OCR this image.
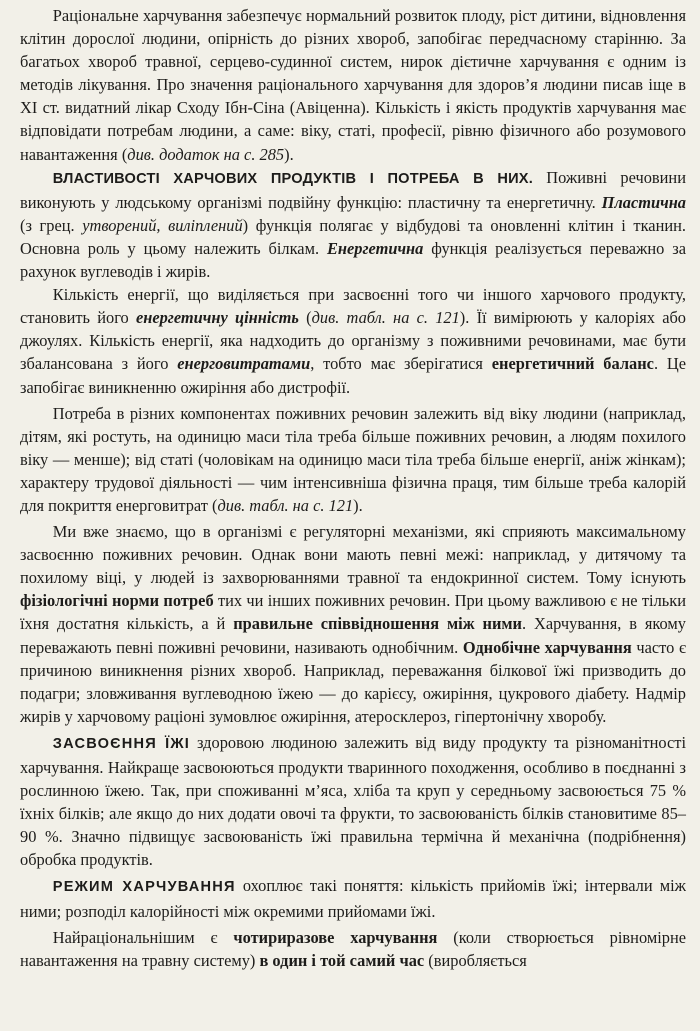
Раціональне харчування забезпечує нормальний розвиток плоду, ріст дитини, відновлення клітин дорослої людини, опірність до різних хвороб, запобігає передчасному старінню. За багатьох хвороб травної, серцево-судинної систем, нирок дієтичне харчування є одним із методів лікування. Про значення раціонального харчування для здоров’я людини писав іще в XI ст. видатний лікар Сходу Ібн-Сіна (Авіценна). Кількість і якість продуктів харчування має відповідати потребам людини, а саме: віку, статі, професії, рівню фізичного або розумового навантаження (див. додаток на с. 285).

ВЛАСТИВОСТІ ХАРЧОВИХ ПРОДУКТІВ І ПОТРЕБА В НИХ. Поживні речовини виконують у людському організмі подвійну функцію: пластичну та енергетичну. Пластична (з грец. утворений, виліплений) функція полягає у відбудові та оновленні клітин і тканин. Основна роль у цьому належить білкам. Енергетична функція реалізується переважно за рахунок вуглеводів і жирів.

Кількість енергії, що виділяється при засвоєнні того чи іншого харчового продукту, становить його енергетичну цінність (див. табл. на с. 121). Її вимірюють у калоріях або джоулях. Кількість енергії, яка надходить до організму з поживними речовинами, має бути збалансована з його енерговитратами, тобто має зберігатися енергетичний баланс. Це запобігає виникненню ожиріння або дистрофії.

Потреба в різних компонентах поживних речовин залежить від віку людини (наприклад, дітям, які ростуть, на одиницю маси тіла треба більше поживних речовин, а людям похилого віку — менше); від статі (чоловікам на одиницю маси тіла треба більше енергії, аніж жінкам); характеру трудової діяльності — чим інтенсивніша фізична праця, тим більше треба калорій для покриття енерговитрат (див. табл. на с. 121).

Ми вже знаємо, що в організмі є регуляторні механізми, які сприяють максимальному засвоєнню поживних речовин. Однак вони мають певні межі: наприклад, у дитячому та похилому віці, у людей із захворюваннями травної та ендокринної систем. Тому існують фізіологічні норми потреб тих чи інших поживних речовин. При цьому важливою є не тільки їхня достатня кількість, а й правильне співвідношення між ними. Харчування, в якому переважають певні поживні речовини, називають однобічним. Однобічне харчування часто є причиною виникнення різних хвороб. Наприклад, переважання білкової їжі призводить до подагри; зловживання вуглеводною їжею — до карієсу, ожиріння, цукрового діабету. Надмір жирів у харчовому раціоні зумовлює ожиріння, атеросклероз, гіпертонічну хворобу.

ЗАСВОЄННЯ ЇЖІ здоровою людиною залежить від виду продукту та різноманітності харчування. Найкраще засвоюються продукти тваринного походження, особливо в поєднанні з рослинною їжею. Так, при споживанні м’яса, хліба та круп у середньому засвоюється 75 % їхніх білків; але якщо до них додати овочі та фрукти, то засвоюваність білків становитиме 85–90 %. Значно підвищує засвоюваність їжі правильна термічна й механічна (подрібнення) обробка продуктів.

РЕЖИМ ХАРЧУВАННЯ охоплює такі поняття: кількість прийомів їжі; інтервали між ними; розподіл калорійності між окремими прийомами їжі.

Найраціональнішим є чотириразове харчування (коли створюється рівномірне навантаження на травну систему) в один і той самий час (виробляється
